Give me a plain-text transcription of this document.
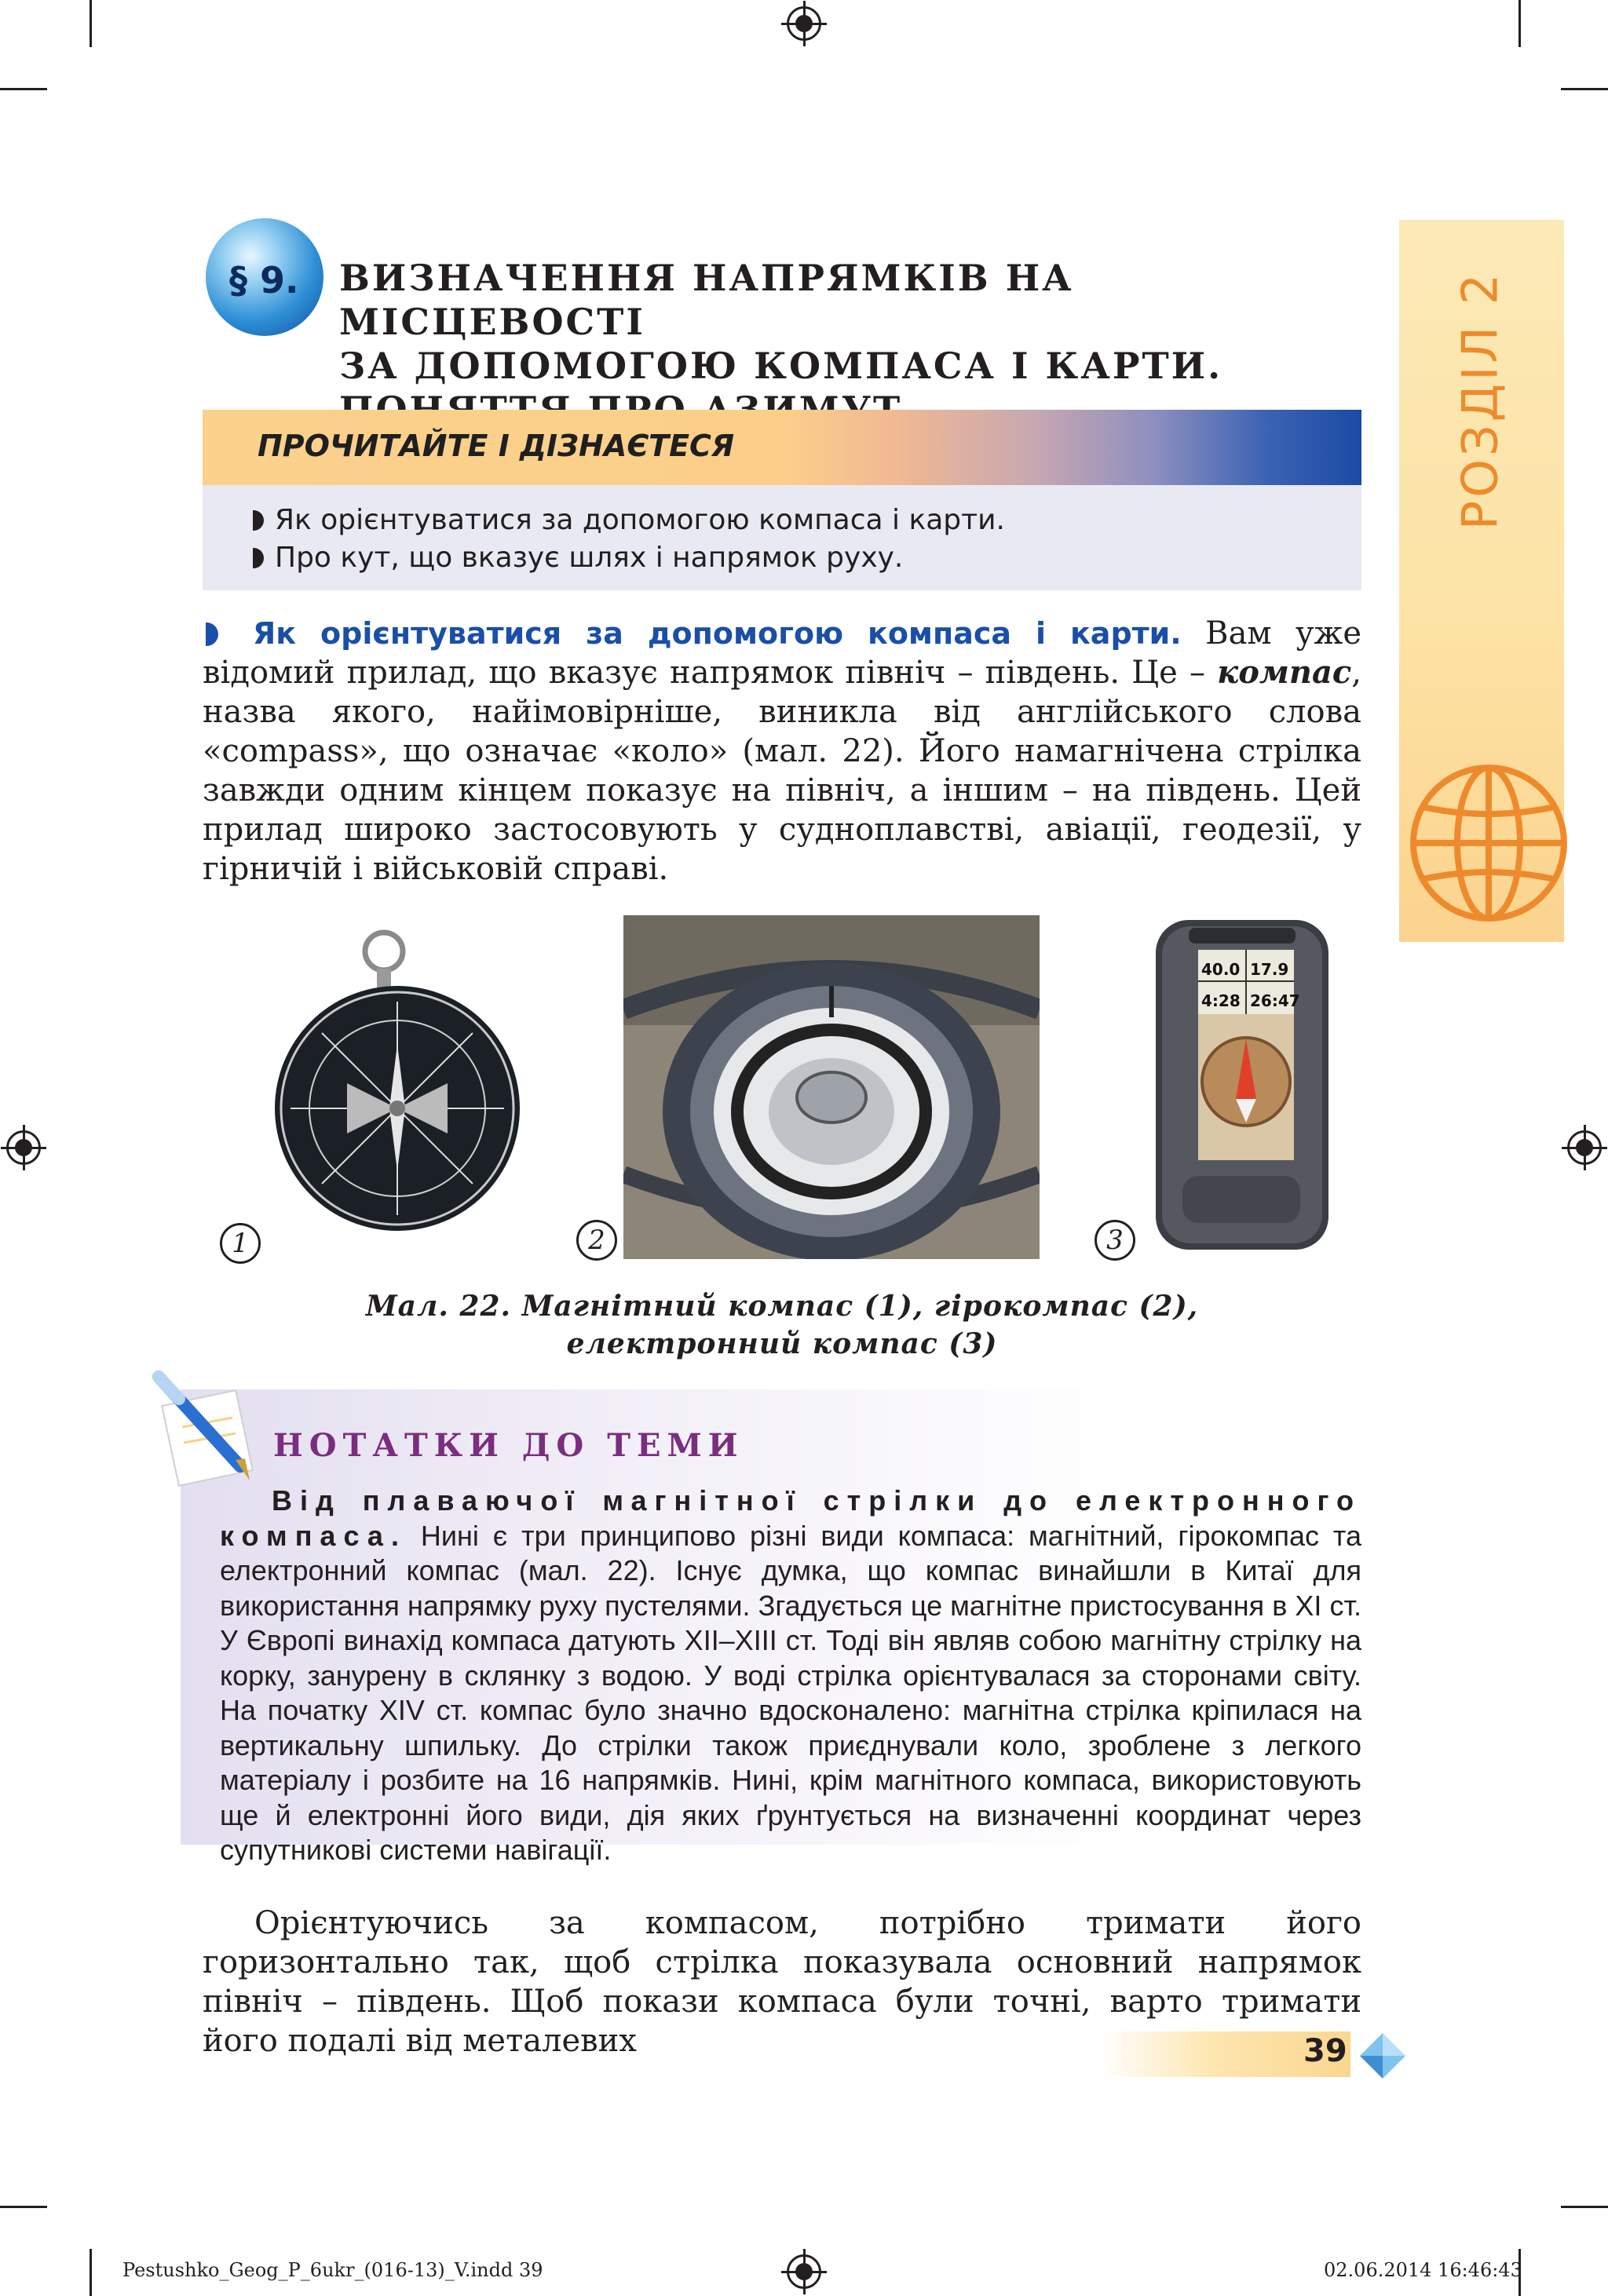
§ 9. ВИЗНАЧЕННЯ НАПРЯМКІВ НА МІСЦЕВОСТІ
ЗА ДОПОМОГОЮ КОМПАСА І КАРТИ.	РОЗДІЛ 2
ПРОЧИТАЙТЕ І ДІЗНАЄТЕСЯ
Як орієнтуватися за допомогою компаса і карти.
Про кут, що вказує шлях і напрямок руху.
Як орієнтуватися за допомогою компаса і карти. Вам уже відомий прилад, що вказує напрямок північ – південь. Це – компас, назва якого, найімовірніше, виникла від англійського слова «compass», що означає «коло» (мал. 22). Його намагнічена стрілка завжди одним кінцем показує на північ, а іншим – на південь. Цей прилад широко застосовують у судноплавстві, авіації, геодезії, у гірничій і військовій справі.
1	2
40.0 17.9
4:28 26:47
3
Мал. 22. Магнітний компас (1), гірокомпас (2),
електронний компас (3)
НОТАТКИ ДО ТЕМИ
Від плаваючої магнітної стрілки до електронного компаса. Нині є три принципово різні види компаса: магнітний, гірокомпас та електронний компас (мал. 22). Існує думка, що компас винайшли в Китаї для використання напрямку руху пустелями. Згадується це магнітне пристосування в ХІ ст. У Європі винахід компаса датують ХІІ–ХІІІ ст. Тоді він являв собою магнітну стрілку на корку, занурену в склянку з водою. У воді стрілка орієнтувалася за сторонами світу. На початку XIV ст. компас було значно вдосконалено: магнітна стрілка кріпилася на вертикальну шпильку. До стрілки також приєднували коло, зроблене з легкого матеріалу і розбите на 16 напрямків. Нині, крім магнітного компаса, використовують ще й електронні його види, дія яких ґрунтується на визначенні координат через супутникові системи навігації.
Орієнтуючись за компасом, потрібно тримати його горизонтально так, щоб стрілка показувала основний напрямок північ – південь. Щоб покази компаса були точні, варто тримати його подалі від металевих	39
Pestushko_Geog_P_6ukr_(016-13)_V.indd 39	02.06.2014 16:46:43
